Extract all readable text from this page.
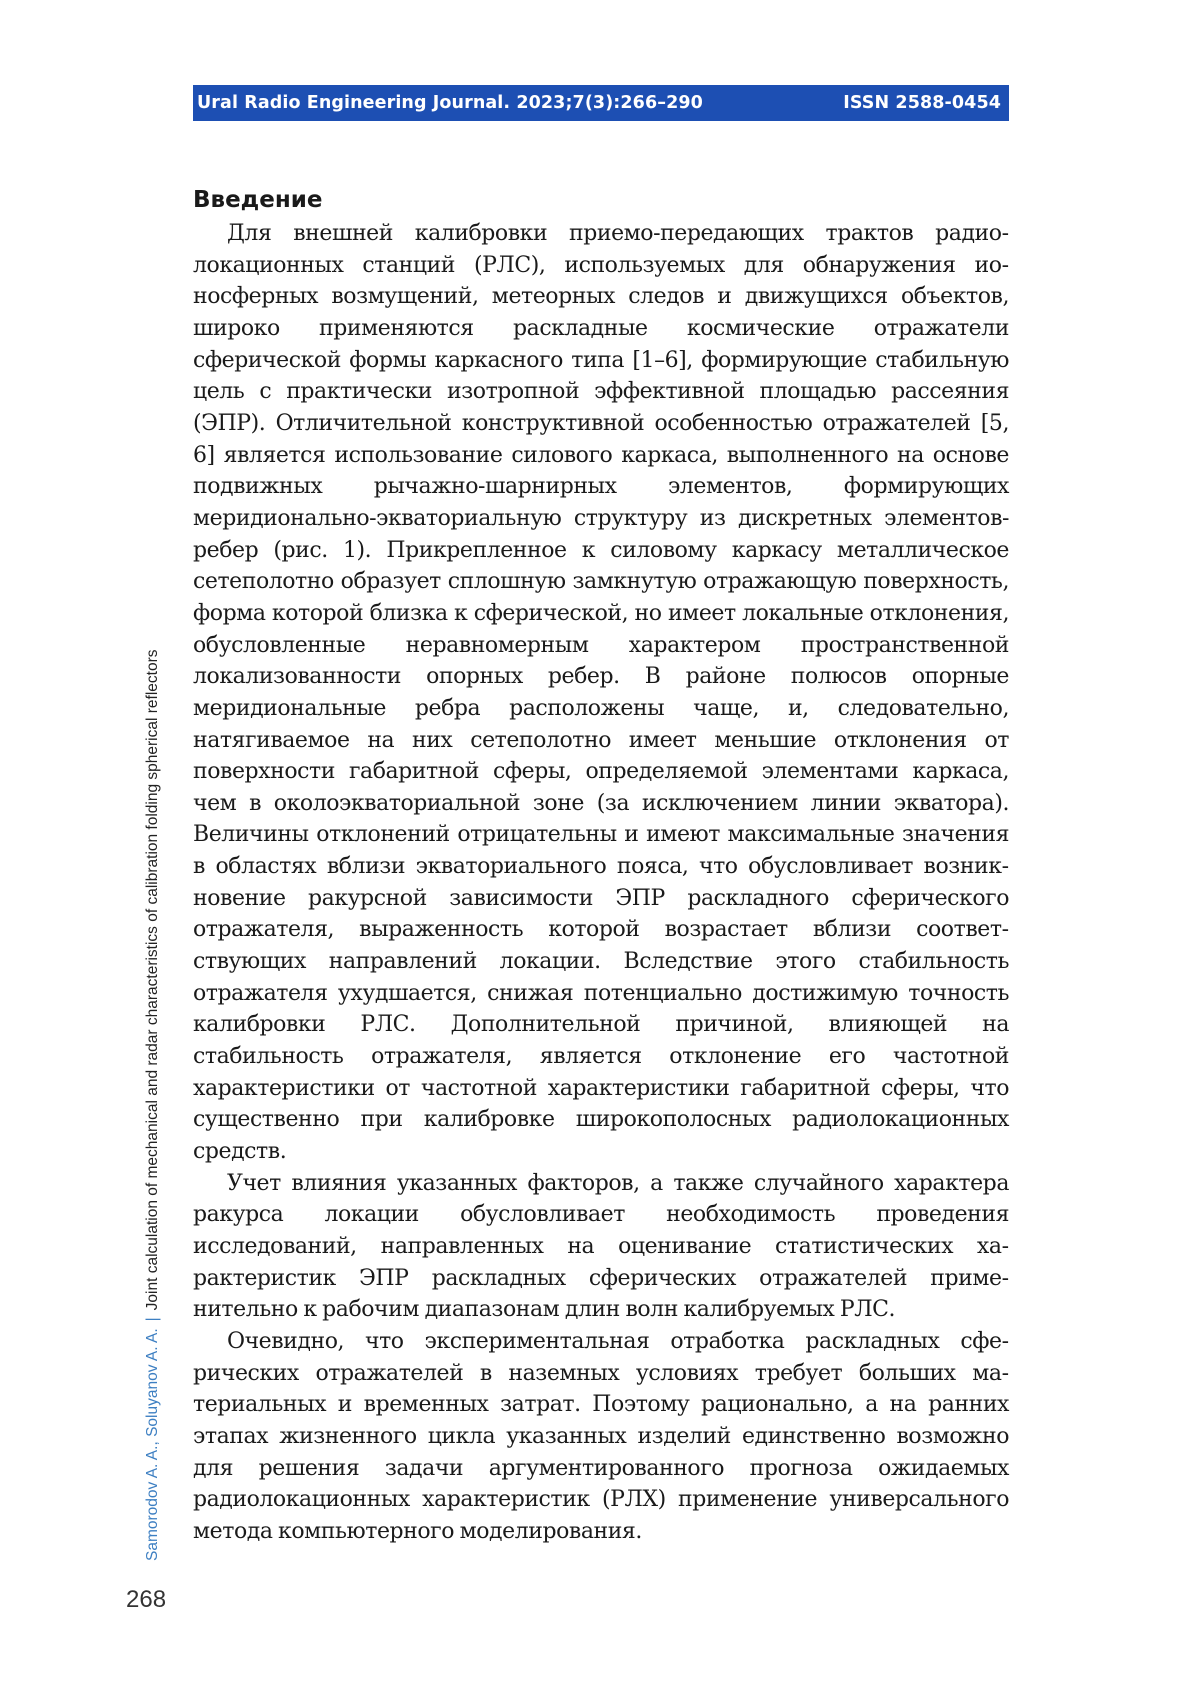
Ural Radio Engineering Journal. 2023;7(3):266–290	ISSN 2588-0454
Samorodov A. A., Soluyanov A. A.|Joint calculation of mechanical and radar characteristics of calibration folding spherical reflectors
Введение

Для внешней калибровки приемо-передающих трактов радиолокационных станций (РЛС), используемых для обнаружения ионосферных возмущений, метеорных следов и движущихся объектов, широко применяются раскладные космические отражатели сферической формы каркасного типа [1–6], формирующие стабильную цель с практически изотропной эффективной площадью рассеяния (ЭПР). Отличительной конструктивной особенностью отражателей [5, 6] является использование силового каркаса, выполненного на основе подвижных рычажно-шарнирных элементов, формирующих меридионально-экваториальную структуру из дискретных элементов-ребер (рис. 1). Прикрепленное к силовому каркасу металлическое сетеполотно образует сплошную замкнутую отражающую поверхность, форма которой близка к сферической, но имеет локальные отклонения, обусловленные неравномерным характером пространственной локализованности опорных ребер. В районе полюсов опорные меридиональные ребра расположены чаще, и, следовательно, натягиваемое на них сетеполотно имеет меньшие отклонения от поверхности габаритной сферы, определяемой элементами каркаса, чем в околоэкваториальной зоне (за исключением линии экватора). Величины отклонений отрицательны и имеют максимальные значения в областях вблизи экваториального пояса, что обусловливает возникновение ракурсной зависимости ЭПР раскладного сферического отражателя, выраженность которой возрастает вблизи соответствующих направлений локации. Вследствие этого стабильность отражателя ухудшается, снижая потенциально достижимую точность калибровки РЛС. Дополнительной причиной, влияющей на стабильность отражателя, является отклонение его частотной характеристики от частотной характеристики габаритной сферы, что существенно при калибровке широкополосных радиолокационных средств.

Учет влияния указанных факторов, а также случайного характера ракурса локации обусловливает необходимость проведения исследований, направленных на оценивание статистических характеристик ЭПР раскладных сферических отражателей применительно к рабочим диапазонам длин волн калибруемых РЛС.

Очевидно, что экспериментальная отработка раскладных сферических отражателей в наземных условиях требует больших материальных и временных затрат. Поэтому рационально, а на ранних этапах жизненного цикла указанных изделий единственно возможно для решения задачи аргументированного прогноза ожидаемых радиолокационных характеристик (РЛХ) применение универсального метода компьютерного моделирования.

268
